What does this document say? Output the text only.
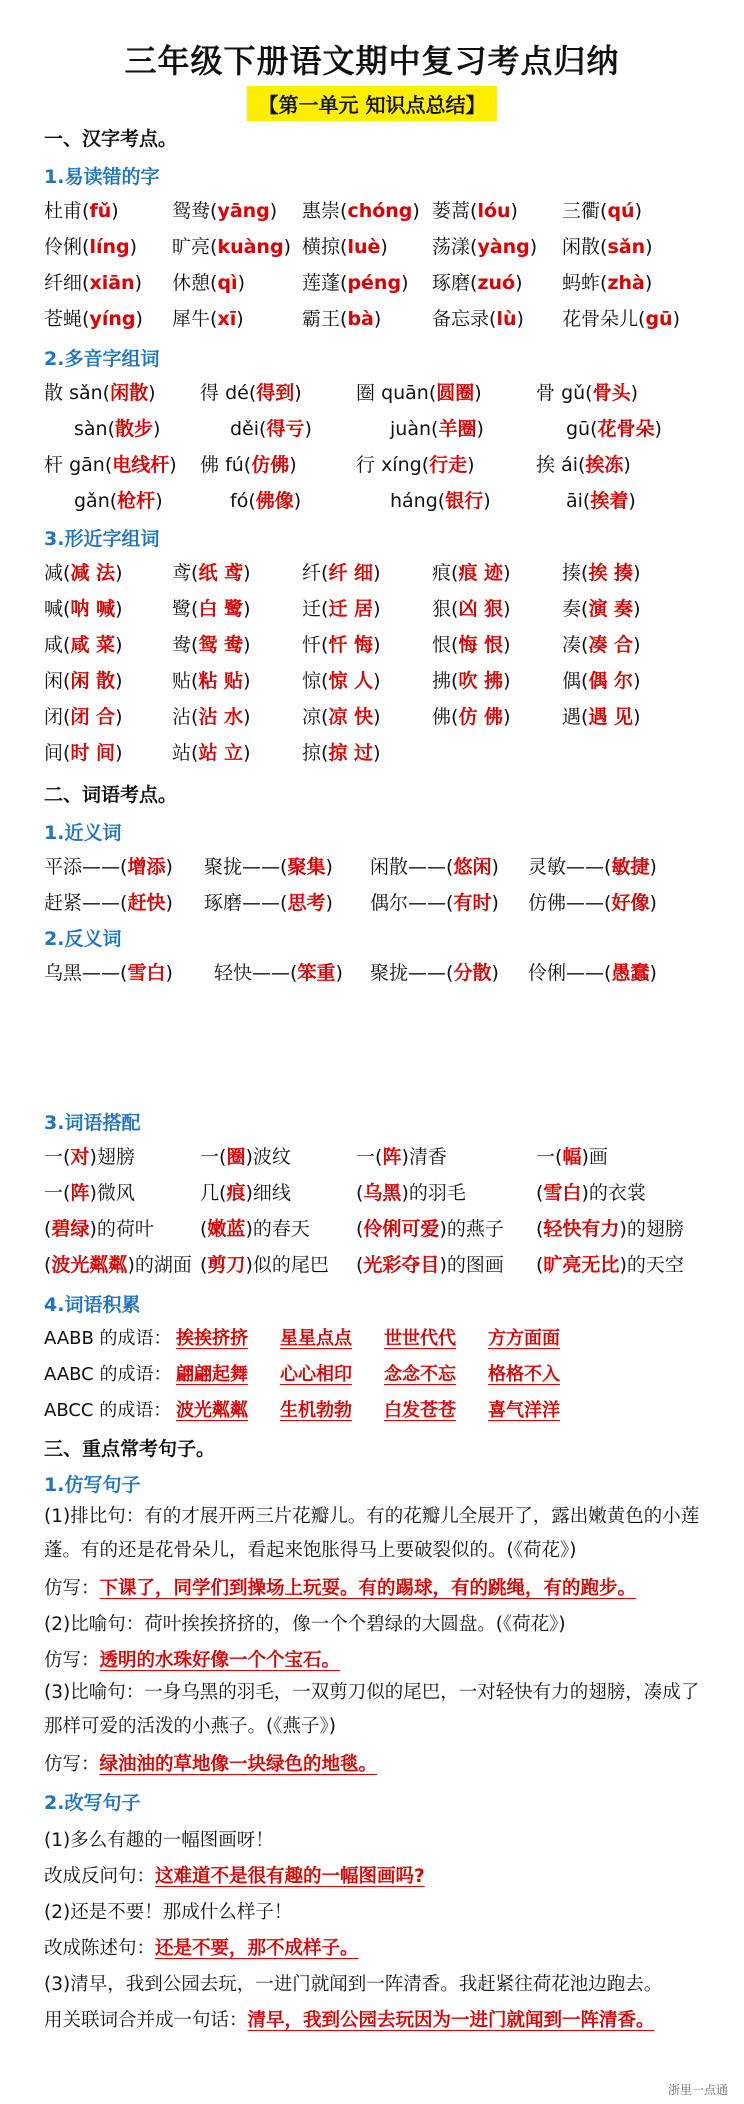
三年级下册语文期中复习考点归纳
【第一单元 知识点总结】
一、汉字考点。
1.易读错的字
杜甫(fǔ)	鸳鸯(yāng) 惠崇(chóng) 蒌蒿(lóu) 三衢(qú)
伶俐(líng) 旷亮(kuàng) 横掠(luè) 荡漾(yàng) 闲散(sǎn)
纤细(xiān) 休憩(qì)	莲蓬(péng) 琢磨(zuó) 蚂蚱(zhà)
苍蝇(yíng) 犀牛(xī)	霸王(bà)	备忘录(lù) 花骨朵儿(gū)
2.多音字组词
散 sǎn(闲散) 得 dé(得到)	圈 quān(圆圈)	骨 gǔ(骨头)
sàn(散步)	děi(得亏)	juàn(羊圈)	gū(花骨朵)
杆 gān(电线杆) 佛 fú(仿佛)	行 xíng(行走)	挨 ái(挨冻)
gǎn(枪杆)	fó(佛像)	háng(银行)	āi(挨着)
3.形近字组词
减(减 法)	鸢(纸 鸢)	纤(纤 细)	痕(痕 迹)	揍(挨 揍)
喊(呐 喊)	鹭(白 鹭)	迁(迁 居)	狠(凶 狠)	奏(演 奏)
咸(咸 菜)	鸯(鸳 鸯)	忏(忏 悔)	恨(悔 恨)	凑(凑 合)
闲(闲 散)	贴(粘 贴)	惊(惊 人)	拂(吹 拂)	偶(偶 尔)
闭(闭 合)	沾(沾 水)	凉(凉 快)	佛(仿 佛)	遇(遇 见)
间(时 间)	站(站 立)	掠(掠 过)
二、词语考点。
1.近义词
平添——(增添) 聚拢——(聚集) 闲散——(悠闲) 灵敏——(敏捷)
赶紧——(赶快) 琢磨——(思考) 偶尔——(有时) 仿佛——(好像)
2.反义词
乌黑——(雪白) 轻快——(笨重) 聚拢——(分散) 伶俐——(愚蠢)
3.词语搭配
一(对)翅膀	一(圈)波纹	一(阵)清香	一(幅)画
一(阵)微风	几(痕)细线	(乌黑)的羽毛	(雪白)的衣裳
(碧绿)的荷叶 (嫩蓝)的春天 (伶俐可爱)的燕子 (轻快有力)的翅膀
(波光粼粼)的湖面 (剪刀)似的尾巴 (光彩夺目)的图画 (旷亮无比)的天空
4.词语积累
AABB 的成语： 挨挨挤挤 星星点点 世世代代 方方面面
AABC 的成语： 翩翩起舞 心心相印 念念不忘 格格不入
ABCC 的成语： 波光粼粼 生机勃勃 白发苍苍 喜气洋洋
三、重点常考句子。
1.仿写句子
(1)排比句：有的才展开两三片花瓣儿。有的花瓣儿全展开了，露出嫩黄色的小莲蓬。有的还是花骨朵儿，看起来饱胀得马上要破裂似的。(《荷花》)
仿写：下课了，同学们到操场上玩耍。有的踢球，有的跳绳，有的跑步。
(2)比喻句：荷叶挨挨挤挤的，像一个个碧绿的大圆盘。(《荷花》)
仿写：透明的水珠好像一个个宝石。
(3)比喻句：一身乌黑的羽毛，一双剪刀似的尾巴，一对轻快有力的翅膀，凑成了那样可爱的活泼的小燕子。(《燕子》)
仿写：绿油油的草地像一块绿色的地毯。
2.改写句子
(1)多么有趣的一幅图画呀！
改成反问句：这难道不是很有趣的一幅图画吗?
(2)还是不要！那成什么样子！
改成陈述句：还是不要，那不成样子。
(3)清早，我到公园去玩，一进门就闻到一阵清香。我赶紧往荷花池边跑去。
用关联词合并成一句话：清早，我到公园去玩因为一进门就闻到一阵清香。
浙里一点通
